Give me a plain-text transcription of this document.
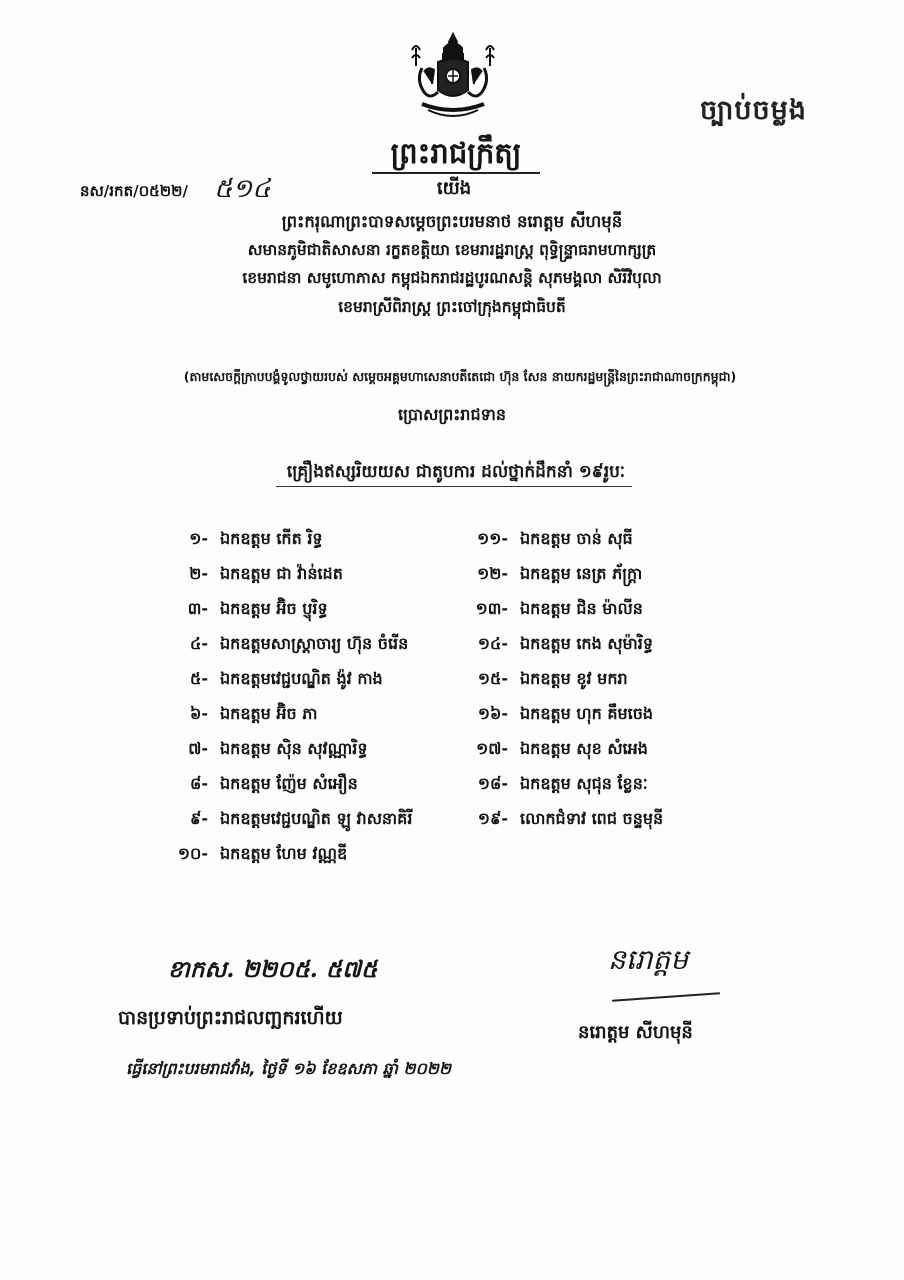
ច្បាប់ចម្លង
ព្រះរាជក្រឹត្យ
នស/រកត/០៥២២/ ៥១៤	យើង
ព្រះករុណាព្រះបាទសម្តេចព្រះបរមនាថ នរោត្តម សីហមុនី
សមានភូមិជាតិសាសនា រក្ខតខត្តិយា ខេមរារដ្ឋរាស្ត្រ ពុទ្ធិន្ទ្រាធរាមហាក្សត្រ
ខេមរាជនា សមូហោភាស កម្ពុជឯករាជរដ្ឋបូរណសន្តិ សុភមង្គលា សិរីវិបុលា
ខេមរាស្រីពិរាស្ត្រ ព្រះចៅក្រុងកម្ពុជាធិបតី
(តាមសេចក្តីក្រាបបង្គំទូលថ្វាយរបស់ សម្តេចអគ្គមហាសេនាបតីតេជោ ហ៊ុន សែន នាយករដ្ឋមន្ត្រីនៃព្រះរាជាណាចក្រកម្ពុជា)
ប្រោសព្រះរាជទាន
គ្រឿងឥស្សរិយយស ជាតូបការ ដល់ថ្នាក់ដឹកនាំ ១៩រូបៈ
១- ឯកឧត្តម កើត រិទ្ធ
២- ឯកឧត្តម ជា វ៉ាន់ដេត
៣- ឯកឧត្តម អ៊ិច ប្ញុរិទ្ធ
៤- ឯកឧត្តមសាស្ត្រាចារ្យ ហ៊ុន ចំរើន
៥- ឯកឧត្តមវេជ្ជបណ្ឌិត ង៉ូវ កាង
៦- ឯកឧត្តម អ៊ិច ភា
៧- ឯកឧត្តម ស៊ិន សុវណ្ណារិទ្ធ
៨- ឯកឧត្តម ញ៉ែម សំអឿន
៩- ឯកឧត្តមវេជ្ជបណ្ឌិត ឡូ វាសនាគិរី
១០- ឯកឧត្តម ហែម វណ្ណឌី
១១- ឯកឧត្តម ចាន់ សុធី
១២- ឯកឧត្តម នេត្រ ភ័ក្ត្រា
១៣- ឯកឧត្តម ជិន ម៉ាលីន
១៤- ឯកឧត្តម កេង សុម៉ារិទ្ធ
១៥- ឯកឧត្តម ខូវ មករា
១៦- ឯកឧត្តម ហុក គឹមចេង
១៧- ឯកឧត្តម សុខ សំអេង
១៨- ឯកឧត្តម សុជុន ខ្លែនៈ
១៩- លោកជំទាវ ពេជ ចន្ទមុនី
ខាកស. ២២០៥. ៥៧៥
បានប្រទាប់ព្រះរាជលញ្ឆករហើយ
ធ្វើនៅព្រះបរមរាជវាំង, ថ្ងៃទី ១៦ ខែឧសភា ឆ្នាំ ២០២២
នរោត្តម
នរោត្តម សីហមុនី
